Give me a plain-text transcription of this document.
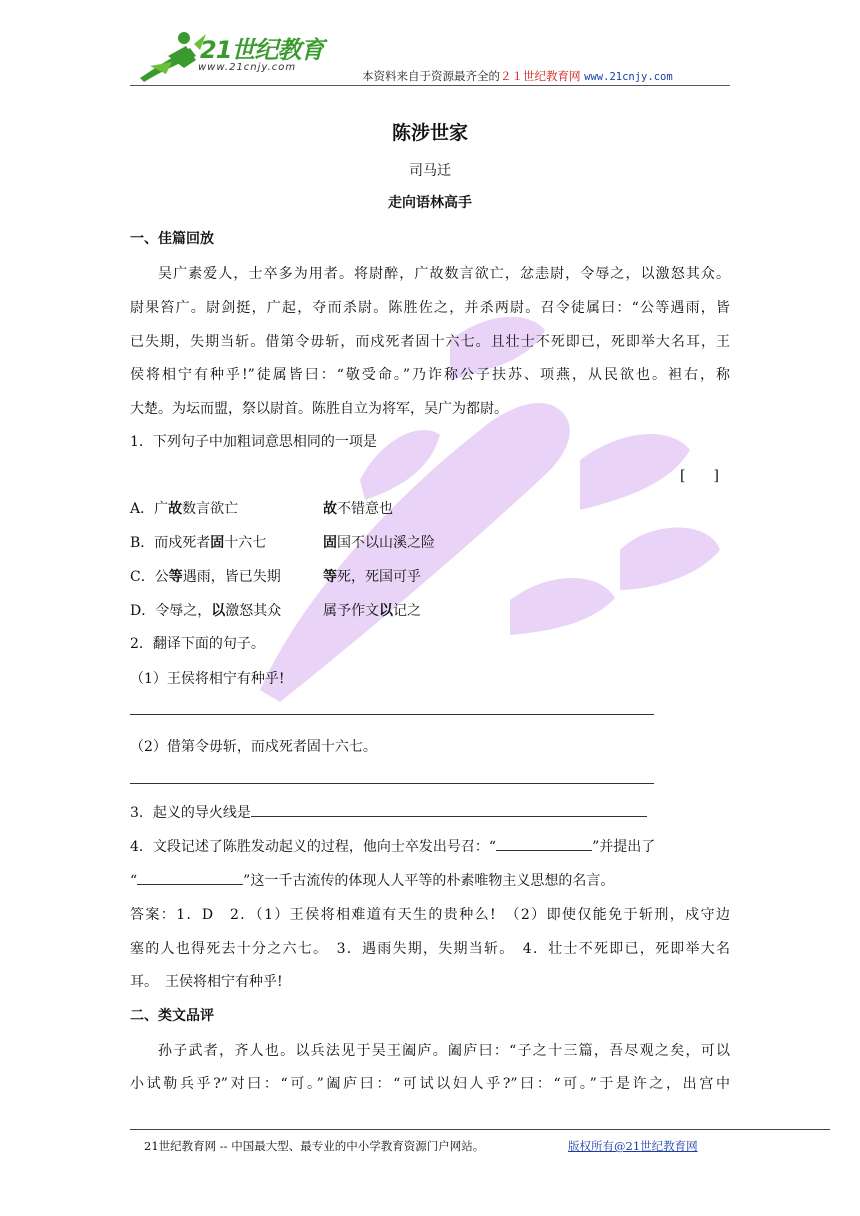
21世纪教育
www.21cnjy.com
本资料来自于资源最齐全的２１世纪教育网 www.21cnjy.com
陈涉世家
司马迁
走向语林高手
一、佳篇回放
吴广素爱人，士卒多为用者。将尉醉，广故数言欲亡，忿恚尉，令辱之，以激怒其众。
尉果笞广。尉剑挺，广起，夺而杀尉。陈胜佐之，并杀两尉。召令徒属曰：“公等遇雨，皆
已失期，失期当斩。借第令毋斩，而戍死者固十六七。且壮士不死即已，死即举大名耳，王
侯将相宁有种乎!”徒属皆曰：“敬受命。”乃诈称公子扶苏、项燕，从民欲也。袒右，称
大楚。为坛而盟，祭以尉首。陈胜自立为将军，吴广为都尉。
1．下列句子中加粗词意思相同的一项是
[　　]
A．广故数言欲亡	故不错意也
B．而戍死者固十六七	固国不以山溪之险
C．公等遇雨，皆已失期	等死，死国可乎
D．令辱之，以激怒其众	属予作文以记之
2．翻译下面的句子。
（1）王侯将相宁有种乎!
（2）借第令毋斩，而戍死者固十六七。
3．起义的导火线是
4．文段记述了陈胜发动起义的过程，他向士卒发出号召：“	”并提出了
“	”这一千古流传的体现人人平等的朴素唯物主义思想的名言。
答案：1．D　2．（1）王侯将相难道有天生的贵种么!　（2）即使仅能免于斩刑，戍守边
塞的人也得死去十分之六七。　3．遇雨失期，失期当斩。　4．壮士不死即已，死即举大名
耳。　王侯将相宁有种乎!
二、类文品评
孙子武者，齐人也。以兵法见于吴王阖庐。阖庐曰：“子之十三篇，吾尽观之矣，可以
小试勒兵乎?”对曰：“可。”阖庐曰：“可试以妇人乎?”曰：“可。”于是许之，出宫中
21世纪教育网 -- 中国最大型、最专业的中小学教育资源门户网站。	版权所有@21世纪教育网
